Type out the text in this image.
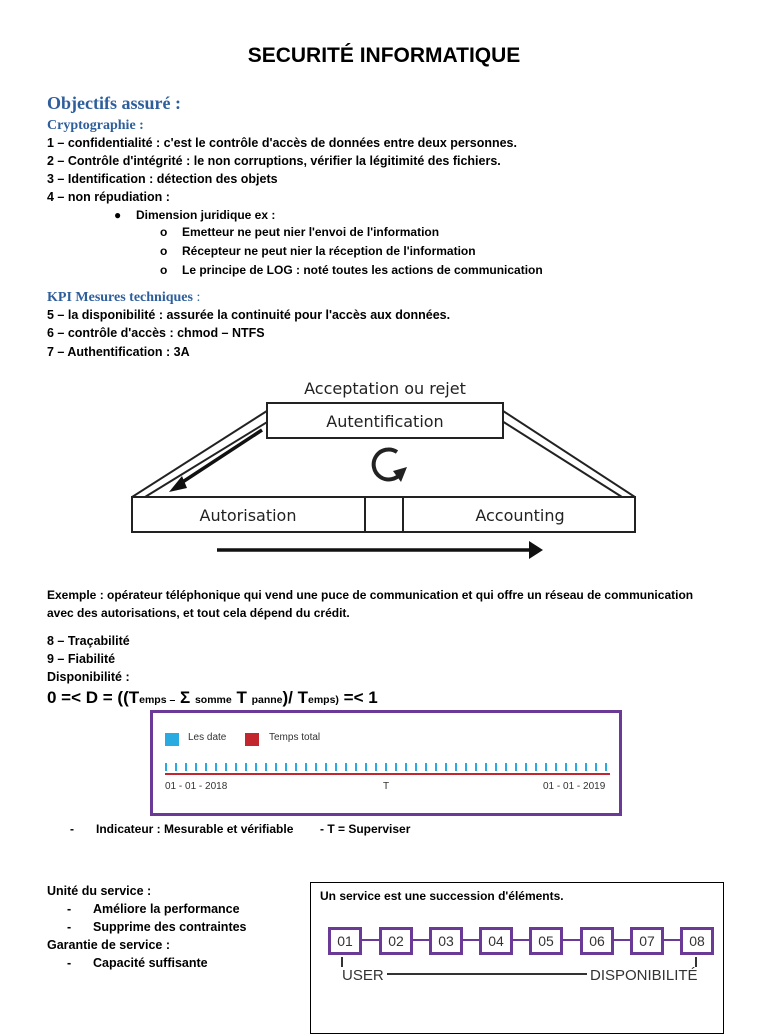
SECURITÉ INFORMATIQUE
Objectifs assuré :
Cryptographie :
1 – confidentialité : c'est le contrôle d'accès de données entre deux personnes.
2 – Contrôle d'intégrité : le non corruptions, vérifier la légitimité des fichiers.
3 – Identification : détection des objets
4 – non répudiation :
● Dimension juridique ex :
o Emetteur ne peut nier l'envoi de l'information
o Récepteur ne peut nier la réception de l'information
o Le principe de LOG : noté toutes les actions de communication
KPI Mesures techniques :
5 – la disponibilité : assurée la continuité pour l'accès aux données.
6 – contrôle d'accès : chmod – NTFS
7 – Authentification : 3A
Acceptation ou rejet
Autentification
Autorisation	Accounting
Exemple : opérateur téléphonique qui vend une puce de communication et qui offre un réseau de communication
avec des autorisations, et tout cela dépend du crédit.
8 – Traçabilité
9 – Fiabilité
Disponibilité :
0 =< D = ((Temps – Σ somme T panne)/ Temps) =< 1
Les date	Temps total
01 - 01 - 2018	T	01 - 01 - 2019
- Indicateur : Mesurable et vérifiable - T = Superviser
Unité du service :
- Améliore la performance
- Supprime des contraintes
Garantie de service :
- Capacité suffisante
Un service est une succession d'éléments.
01	02	03	04	05	06	07	08
USER	DISPONIBILITÉ
